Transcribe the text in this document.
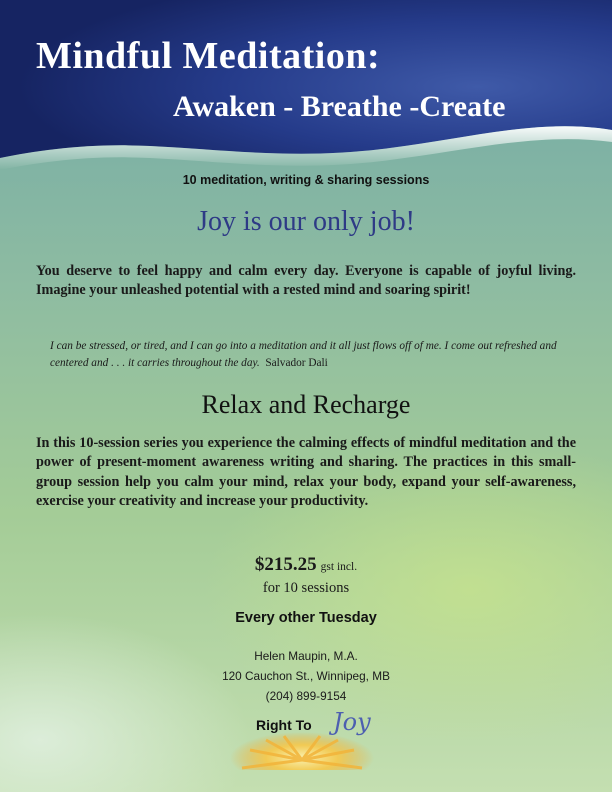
Mindful Meditation:
Awaken - Breathe -Create
10 meditation, writing & sharing sessions
Joy is our only job!

You deserve to feel happy and calm every day. Everyone is capable of joyful living. Imagine your unleashed potential with a rested mind and soaring spirit!

I can be stressed, or tired, and I can go into a meditation and it all just flows off of me. I come out refreshed and centered and . . . it carries throughout the day. Salvador Dali

Relax and Recharge

In this 10-session series you experience the calming effects of mindful meditation and the power of present-moment awareness writing and sharing. The practices in this small-group session help you calm your mind, relax your body, expand your self-awareness, exercise your creativity and increase your productivity.

$215.25 gst incl.
for 10 sessions
Every other Tuesday
Helen Maupin, M.A.
120 Cauchon St., Winnipeg, MB
(204) 899-9154
Right To Joy
